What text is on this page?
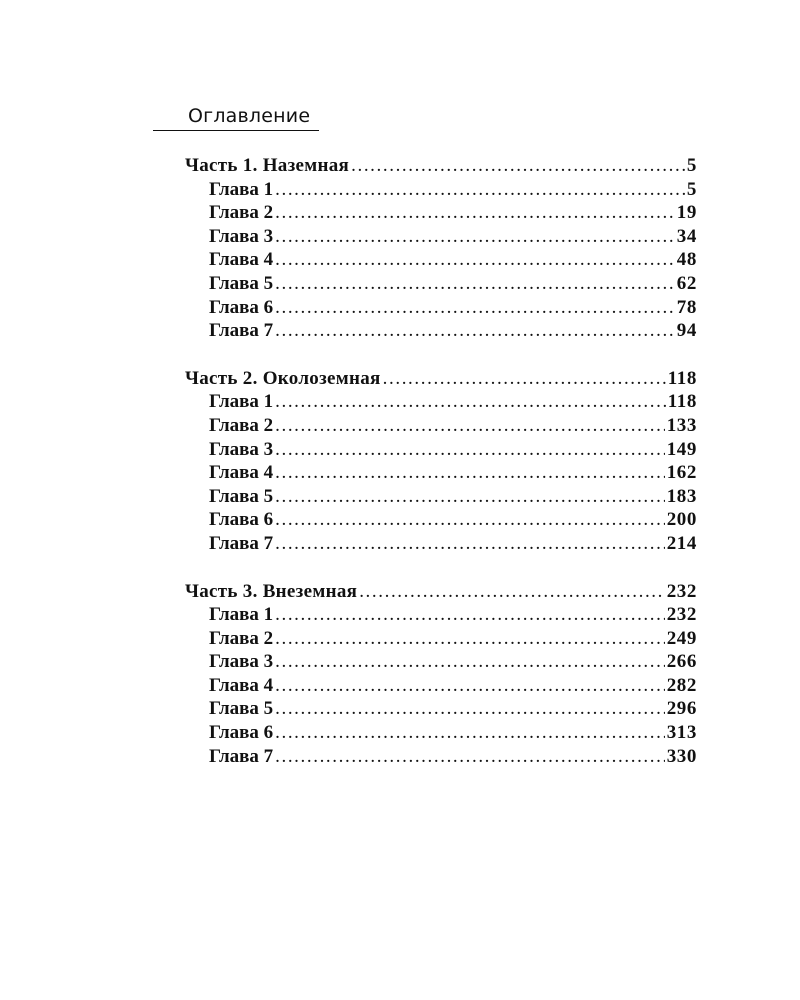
Оглавление
Часть 1. Наземная .....	5
Глава 1 .....	5
Глава 2 .....	19
Глава 3 .....	34
Глава 4 .....	48
Глава 5 .....	62
Глава 6 .....	78
Глава 7 .....	94
Часть 2. Околоземная .....	118
Глава 1 .....	118
Глава 2 .....	133
Глава 3 .....	149
Глава 4 .....	162
Глава 5 .....	183
Глава 6 .....	200
Глава 7 .....	214
Часть 3. Внеземная .....	232
Глава 1 .....	232
Глава 2 .....	249
Глава 3 .....	266
Глава 4 .....	282
Глава 5 .....	296
Глава 6 .....	313
Глава 7 .....	330
